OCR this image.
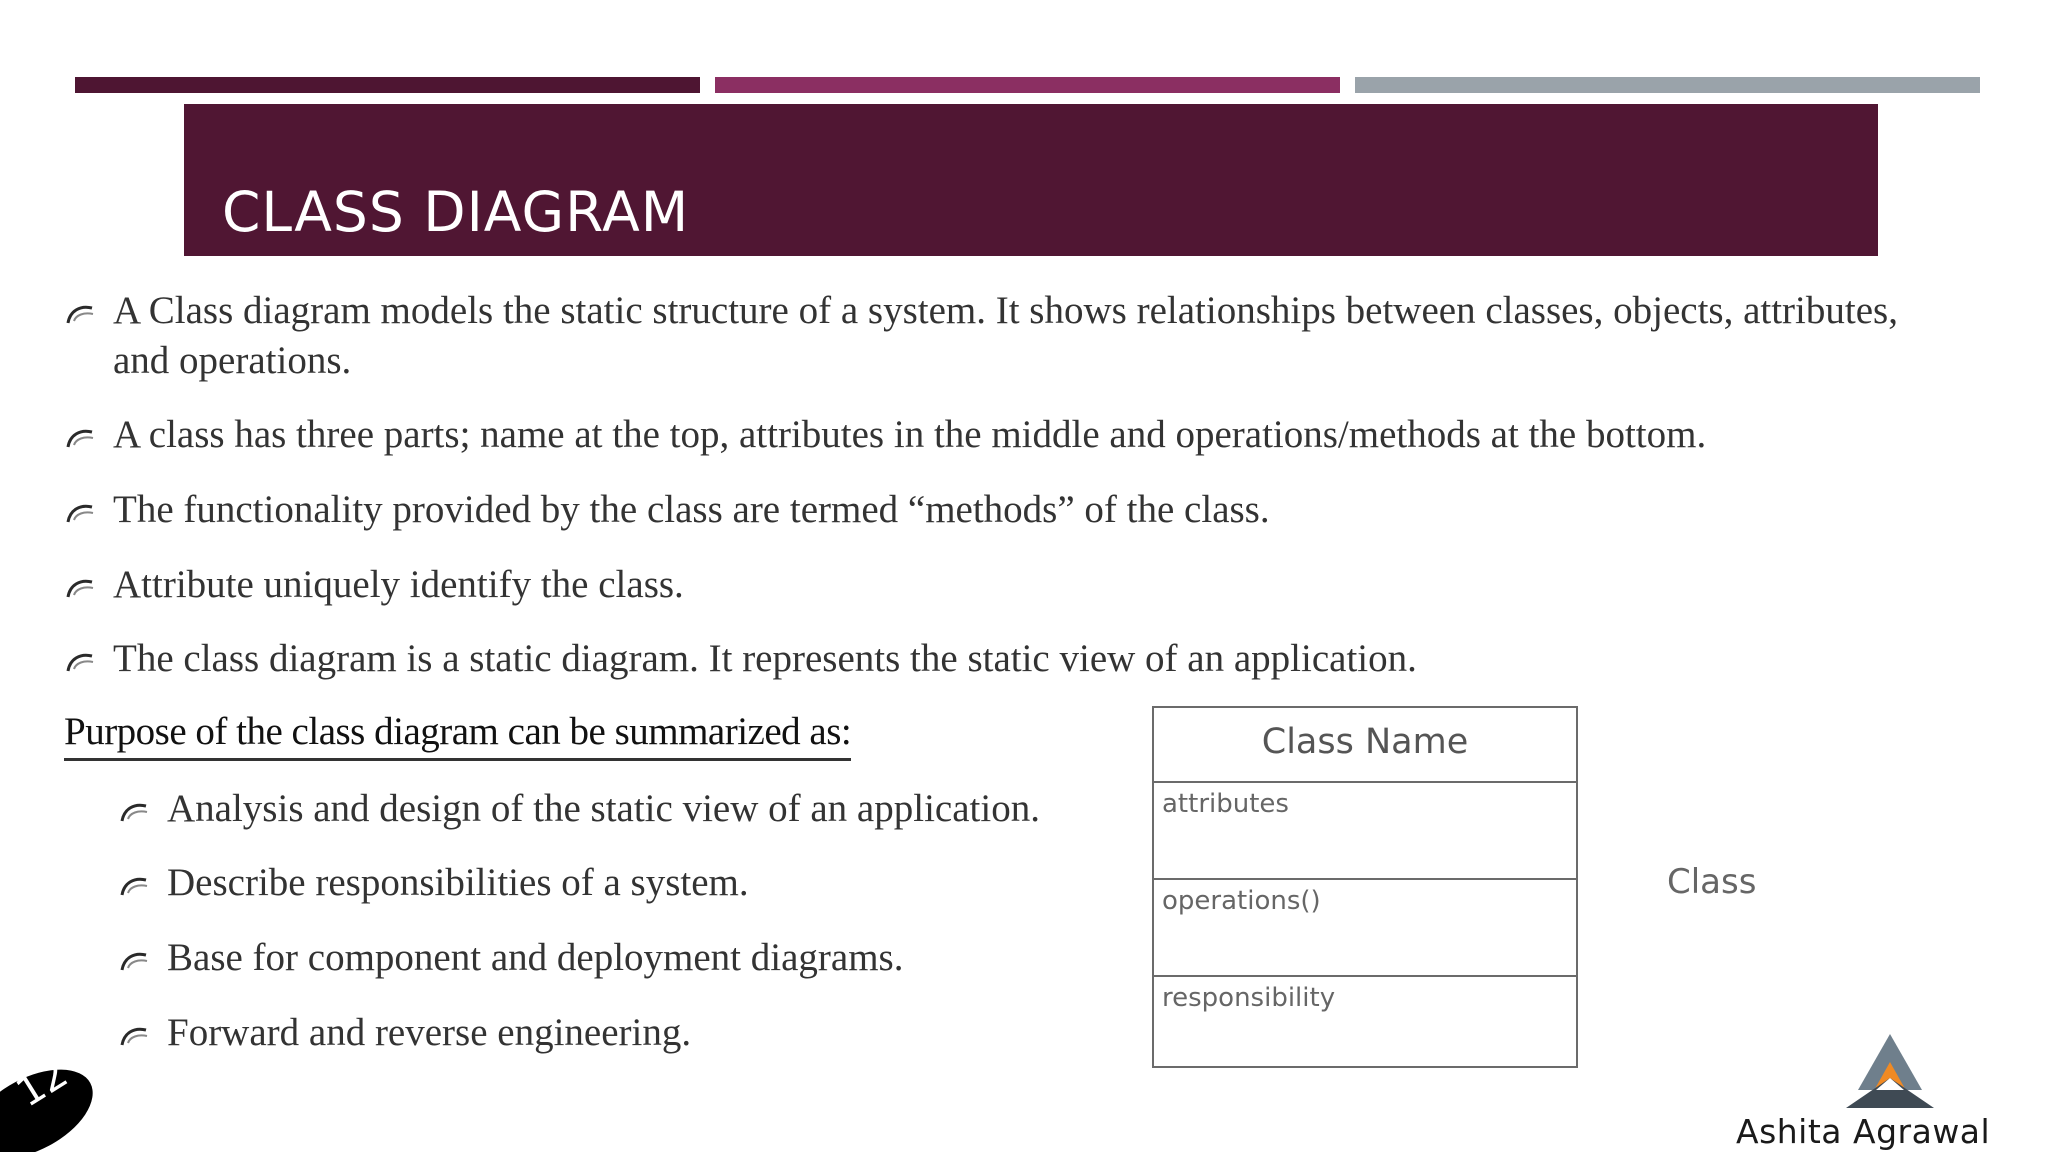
CLASS DIAGRAM
A Class diagram models the static structure of a system. It shows relationships between classes, objects, attributes, and operations.
A class has three parts; name at the top, attributes in the middle and operations/methods at the bottom.
The functionality provided by the class are termed “methods” of the class.
Attribute uniquely identify the class.
The class diagram is a static diagram. It represents the static view of an application.
Purpose of the class diagram can be summarized as:
Analysis and design of the static view of an application.
Describe responsibilities of a system.
Base for component and deployment diagrams.
Forward and reverse engineering.
Class Name
attributes
operations()
responsibility
Class
12
Ashita Agrawal
